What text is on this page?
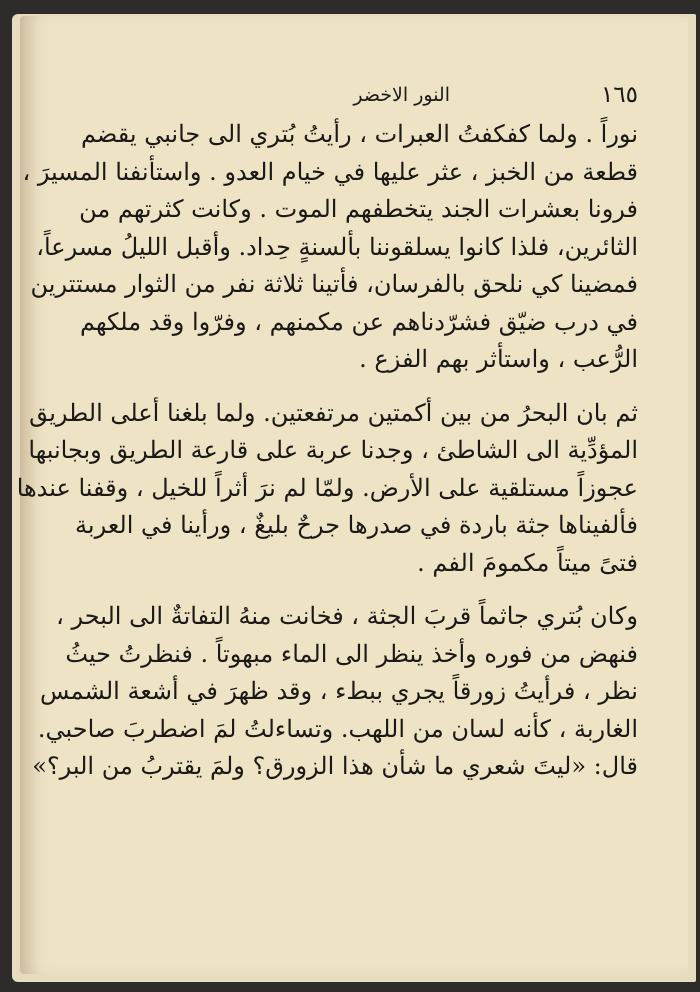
١٦٥
النور الاخضر
نوراً . ولما كفكفتُ العبرات ، رأيتُ بُتري الى جانبي يقضم
قطعة من الخبز ، عثر عليها في خيام العدو . واستأنفنا المسيرَ ،
فرونا بعشرات الجند يتخطفهم الموت . وكانت كثرتهم من
الثائرين، فلذا كانوا يسلقوننا بألسنةٍ حِداد. وأقبل الليلُ مسرعاً،
فمضينا كي نلحق بالفرسان، فأتينا ثلاثة نفر من الثوار مستترين
في درب ضيّق فشرّدناهم عن مكمنهم ، وفرّوا وقد ملكهم
الرُّعب ، واستأثر بهم الفزع .
ثم بان البحرُ من بين أكمتين مرتفعتين. ولما بلغنا أعلى الطريق
المؤدِّية الى الشاطئ ، وجدنا عربة على قارعة الطريق وبجانبها
عجوزاً مستلقية على الأرض. ولمّا لم نرَ أثراً للخيل ، وقفنا عندها
فألفيناها جثة باردة في صدرها جرحٌ بليغٌ ، ورأينا في العربة
فتىً ميتاً مكمومَ الفم .
وكان بُتري جاثماً قربَ الجثة ، فخانت منهُ التفاتةٌ الى البحر ،
فنهض من فوره وأخذ ينظر الى الماء مبهوتاً . فنظرتُ حيثُ
نظر ، فرأيتُ زورقاً يجري ببطء ، وقد ظهرَ في أشعة الشمس
الغاربة ، كأنه لسان من اللهب. وتساءلتُ لمَ اضطربَ صاحبي.
قال: «ليتَ شعري ما شأن هذا الزورق؟ ولمَ يقتربُ من البر؟»
